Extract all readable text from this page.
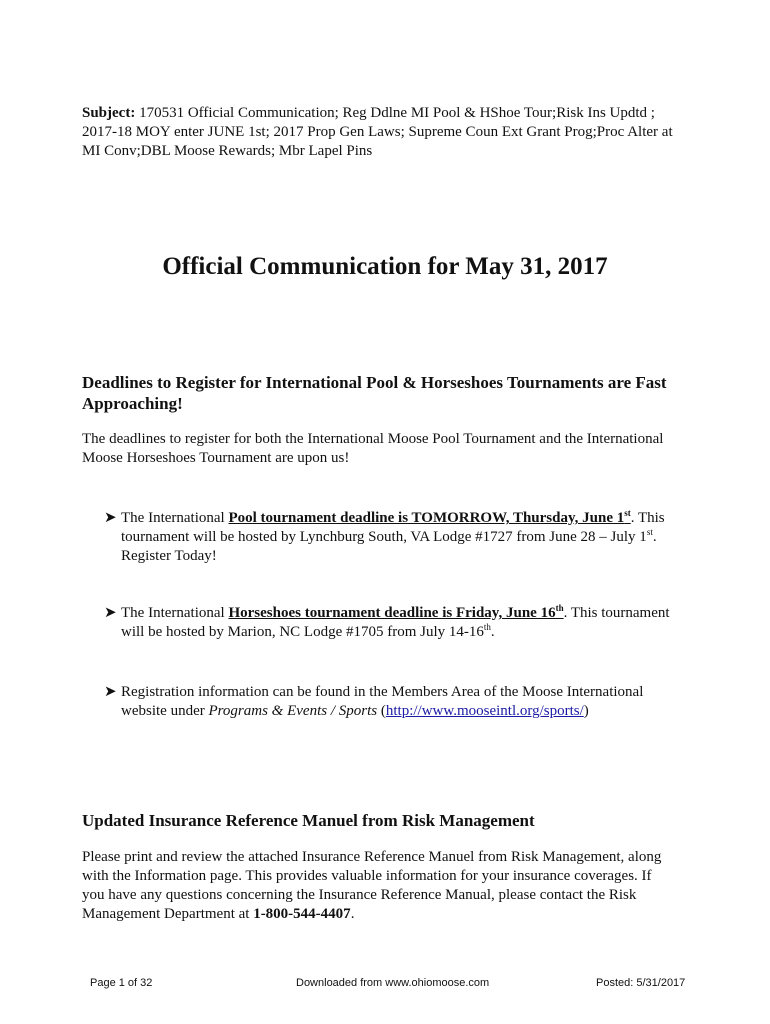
Subject: 170531 Official Communication; Reg Ddlne MI Pool & HShoe Tour;Risk Ins Updtd ; 2017-18 MOY enter JUNE 1st; 2017 Prop Gen Laws; Supreme Coun Ext Grant Prog;Proc Alter at MI Conv;DBL Moose Rewards; Mbr Lapel Pins
Official Communication for May 31, 2017
Deadlines to Register for International Pool & Horseshoes Tournaments are Fast Approaching!
The deadlines to register for both the International Moose Pool Tournament and the International Moose Horseshoes Tournament are upon us!
➤ The International Pool tournament deadline is TOMORROW, Thursday, June 1st. This tournament will be hosted by Lynchburg South, VA Lodge #1727 from June 28 – July 1st. Register Today!
➤ The International Horseshoes tournament deadline is Friday, June 16th. This tournament will be hosted by Marion, NC Lodge #1705 from July 14-16th.
➤ Registration information can be found in the Members Area of the Moose International website under Programs & Events / Sports (http://www.mooseintl.org/sports/)
Updated Insurance Reference Manuel from Risk Management
Please print and review the attached Insurance Reference Manuel from Risk Management, along with the Information page. This provides valuable information for your insurance coverages. If you have any questions concerning the Insurance Reference Manual, please contact the Risk Management Department at 1-800-544-4407.
Page 1 of 32	Downloaded from www.ohiomoose.com	Posted: 5/31/2017
